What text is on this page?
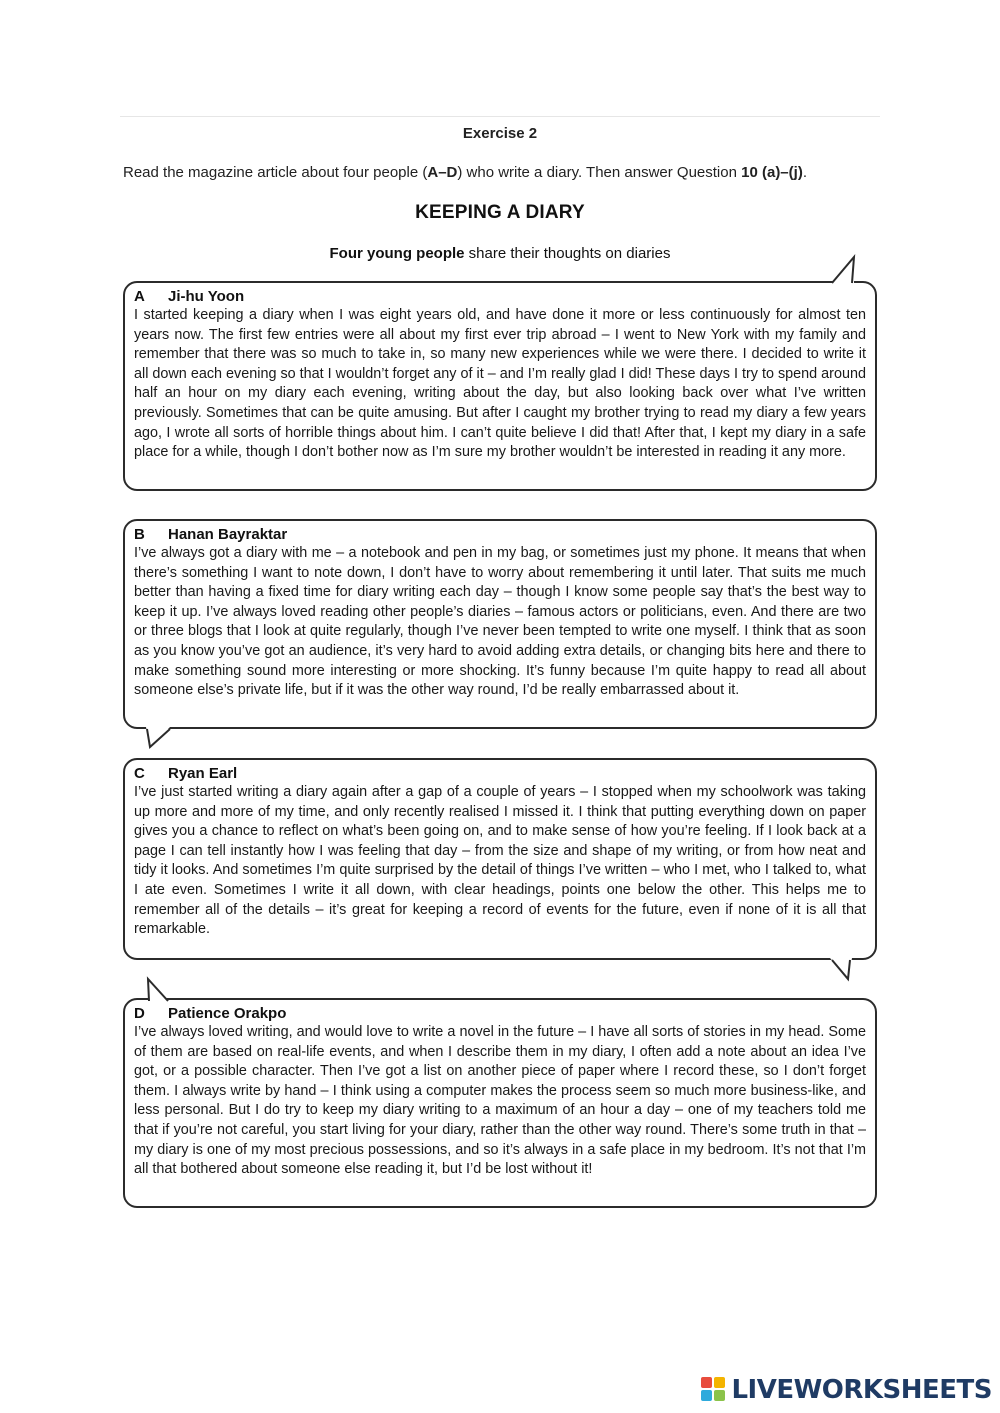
Exercise 2
Read the magazine article about four people (A–D) who write a diary. Then answer Question 10 (a)–(j).
KEEPING A DIARY
Four young people share their thoughts on diaries
A Ji-hu Yoon
I started keeping a diary when I was eight years old, and have done it more or less continuously for almost ten years now. The first few entries were all about my first ever trip abroad – I went to New York with my family and remember that there was so much to take in, so many new experiences while we were there. I decided to write it all down each evening so that I wouldn’t forget any of it – and I’m really glad I did! These days I try to spend around half an hour on my diary each evening, writing about the day, but also looking back over what I’ve written previously. Sometimes that can be quite amusing. But after I caught my brother trying to read my diary a few years ago, I wrote all sorts of horrible things about him. I can’t quite believe I did that! After that, I kept my diary in a safe place for a while, though I don’t bother now as I’m sure my brother wouldn’t be interested in reading it any more.
B Hanan Bayraktar
I’ve always got a diary with me – a notebook and pen in my bag, or sometimes just my phone. It means that when there’s something I want to note down, I don’t have to worry about remembering it until later. That suits me much better than having a fixed time for diary writing each day – though I know some people say that’s the best way to keep it up. I’ve always loved reading other people’s diaries – famous actors or politicians, even. And there are two or three blogs that I look at quite regularly, though I’ve never been tempted to write one myself. I think that as soon as you know you’ve got an audience, it’s very hard to avoid adding extra details, or changing bits here and there to make something sound more interesting or more shocking. It’s funny because I’m quite happy to read all about someone else’s private life, but if it was the other way round, I’d be really embarrassed about it.
C Ryan Earl
I’ve just started writing a diary again after a gap of a couple of years – I stopped when my schoolwork was taking up more and more of my time, and only recently realised I missed it. I think that putting everything down on paper gives you a chance to reflect on what’s been going on, and to make sense of how you’re feeling. If I look back at a page I can tell instantly how I was feeling that day – from the size and shape of my writing, or from how neat and tidy it looks. And sometimes I’m quite surprised by the detail of things I’ve written – who I met, who I talked to, what I ate even. Sometimes I write it all down, with clear headings, points one below the other. This helps me to remember all of the details – it’s great for keeping a record of events for the future, even if none of it is all that remarkable.
D Patience Orakpo
I’ve always loved writing, and would love to write a novel in the future – I have all sorts of stories in my head. Some of them are based on real-life events, and when I describe them in my diary, I often add a note about an idea I’ve got, or a possible character. Then I’ve got a list on another piece of paper where I record these, so I don’t forget them. I always write by hand – I think using a computer makes the process seem so much more business-like, and less personal. But I do try to keep my diary writing to a maximum of an hour a day – one of my teachers told me that if you’re not careful, you start living for your diary, rather than the other way round. There’s some truth in that – my diary is one of my most precious possessions, and so it’s always in a safe place in my bedroom. It’s not that I’m all that bothered about someone else reading it, but I’d be lost without it!
LIVEWORKSHEETS
